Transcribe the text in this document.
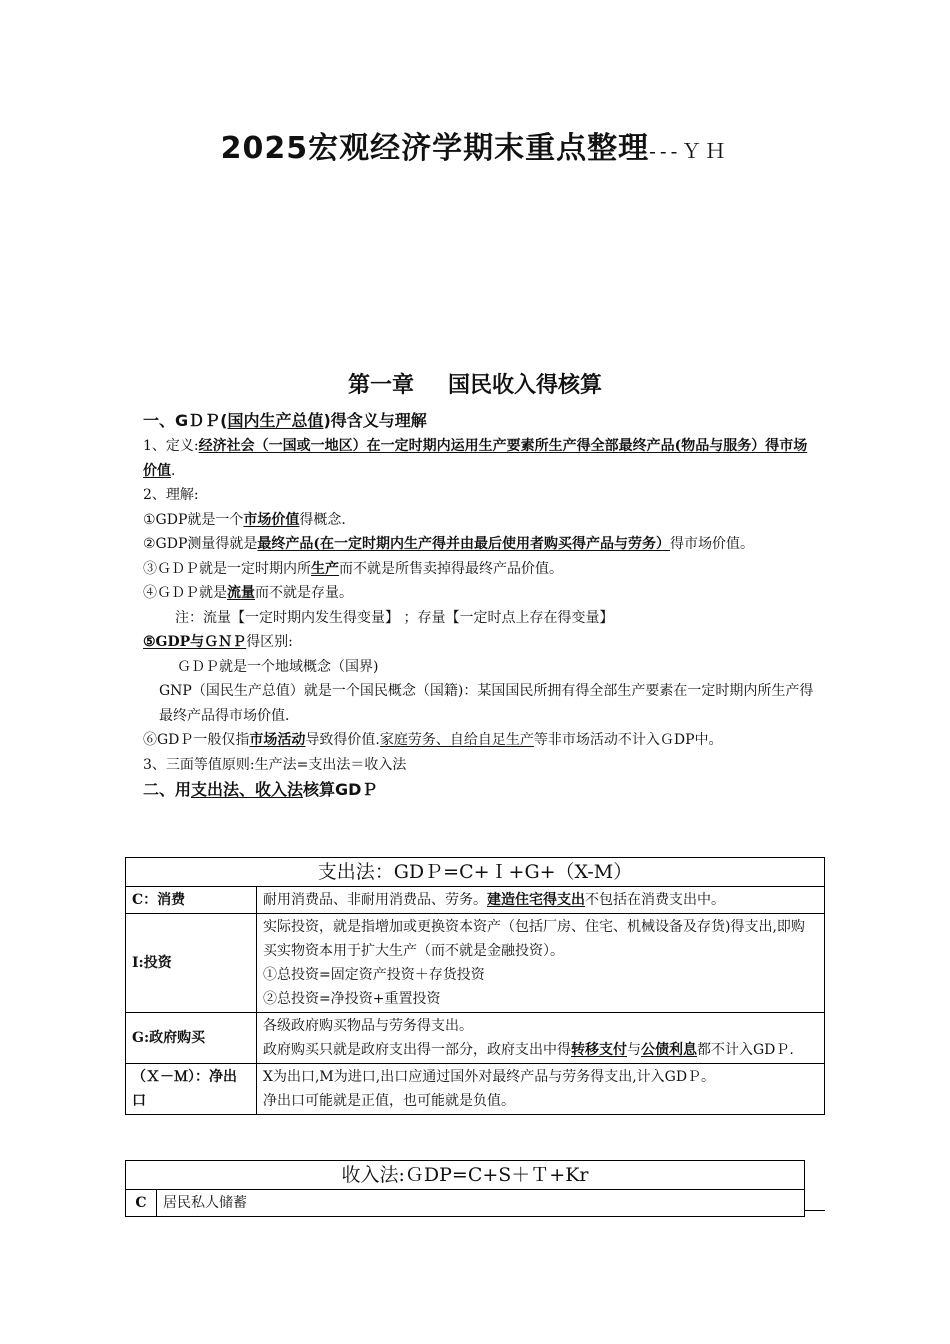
2025宏观经济学期末重点整理---ＹＨ
第一章 国民收入得核算
一、GＤＰ(国内生产总值)得含义与理解

1、定义:经济社会（一国或一地区）在一定时期内运用生产要素所生产得全部最终产品(物品与服务）得市场价值.

2、理解:

①GDP就是一个市场价值得概念.

②GDP测量得就是最终产品(在一定时期内生产得并由最后使用者购买得产品与劳务）得市场价值。

③ＧＤＰ就是一定时期内所生产而不就是所售卖掉得最终产品价值。

④ＧＤＰ就是流量而不就是存量。

注：流量【一定时期内发生得变量】 ；存量【一定时点上存在得变量】

⑤GDP与ＧＮＰ得区别:

ＧＤＰ就是一个地域概念（国界)

GNP（国民生产总值）就是一个国民概念（国籍)：某国国民所拥有得全部生产要素在一定时期内所生产得最终产品得市场价值.

⑥GDＰ一般仅指市场活动导致得价值.家庭劳务、自给自足生产等非市场活动不计入ＧDP中。

3、三面等值原则:生产法=支出法＝收入法

二、用支出法、收入法核算GDＰ
支出法：GDＰ=C+Ｉ+G+（X-M）	
C：消费	耐用消费品、非耐用消费品、劳务。建造住宅得支出不包括在消费支出中。
I:投资	实际投资，就是指增加或更换资本资产（包括厂房、住宅、机械设备及存货)得支出,即购买实物资本用于扩大生产（而不就是金融投资）。
①总投资=固定资产投资＋存货投资
②总投资=净投资+重置投资

G:政府购买	各级政府购买物品与劳务得支出。
政府购买只就是政府支出得一部分，政府支出中得转移支付与公债利息都不计入GDＰ.

（Ｘ－Ｍ）：净出口	X为出口,M为进口,出口应通过国外对最终产品与劳务得支出,计入GDＰ。
净出口可能就是正值，也可能就是负值。
收入法:ＧDP=C+S＋Ｔ+Kr
C	居民私人储蓄
